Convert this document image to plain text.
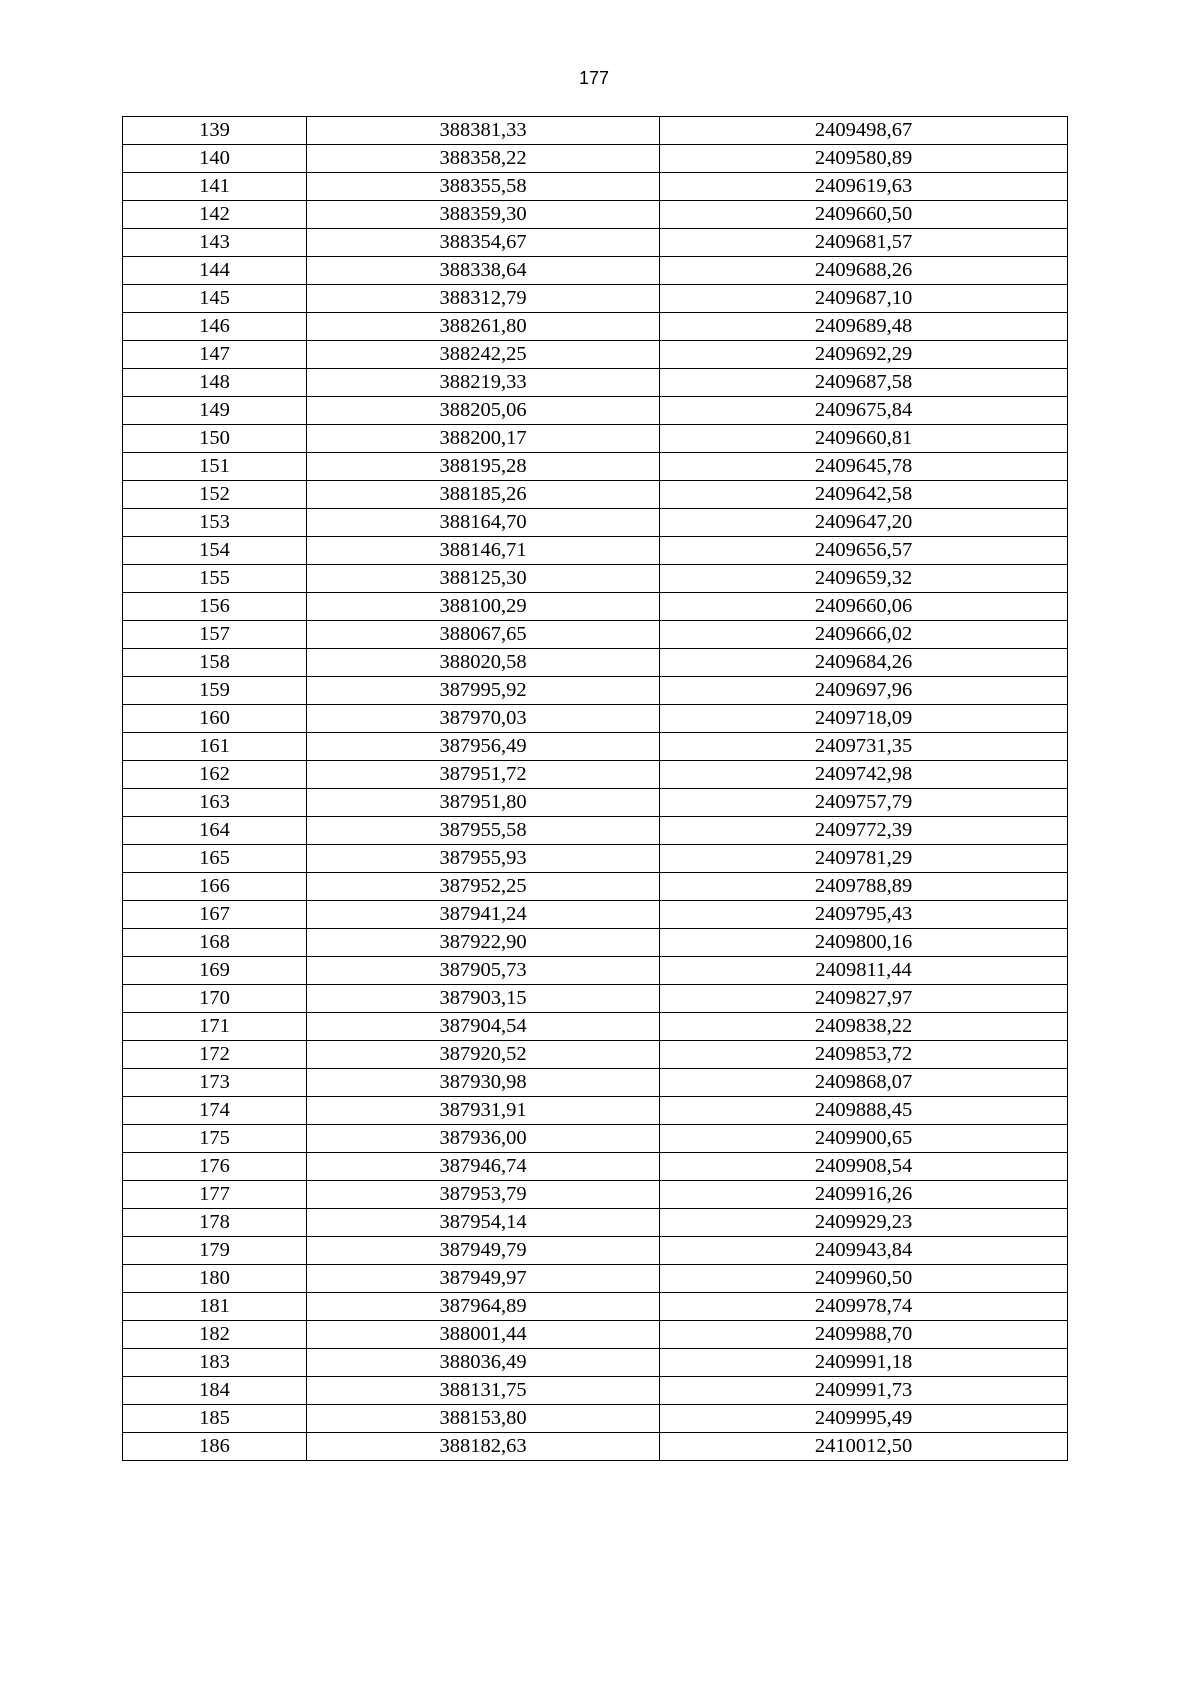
177
139	388381,33	2409498,67
140	388358,22	2409580,89
141	388355,58	2409619,63
142	388359,30	2409660,50
143	388354,67	2409681,57
144	388338,64	2409688,26
145	388312,79	2409687,10
146	388261,80	2409689,48
147	388242,25	2409692,29
148	388219,33	2409687,58
149	388205,06	2409675,84
150	388200,17	2409660,81
151	388195,28	2409645,78
152	388185,26	2409642,58
153	388164,70	2409647,20
154	388146,71	2409656,57
155	388125,30	2409659,32
156	388100,29	2409660,06
157	388067,65	2409666,02
158	388020,58	2409684,26
159	387995,92	2409697,96
160	387970,03	2409718,09
161	387956,49	2409731,35
162	387951,72	2409742,98
163	387951,80	2409757,79
164	387955,58	2409772,39
165	387955,93	2409781,29
166	387952,25	2409788,89
167	387941,24	2409795,43
168	387922,90	2409800,16
169	387905,73	2409811,44
170	387903,15	2409827,97
171	387904,54	2409838,22
172	387920,52	2409853,72
173	387930,98	2409868,07
174	387931,91	2409888,45
175	387936,00	2409900,65
176	387946,74	2409908,54
177	387953,79	2409916,26
178	387954,14	2409929,23
179	387949,79	2409943,84
180	387949,97	2409960,50
181	387964,89	2409978,74
182	388001,44	2409988,70
183	388036,49	2409991,18
184	388131,75	2409991,73
185	388153,80	2409995,49
186	388182,63	2410012,50
